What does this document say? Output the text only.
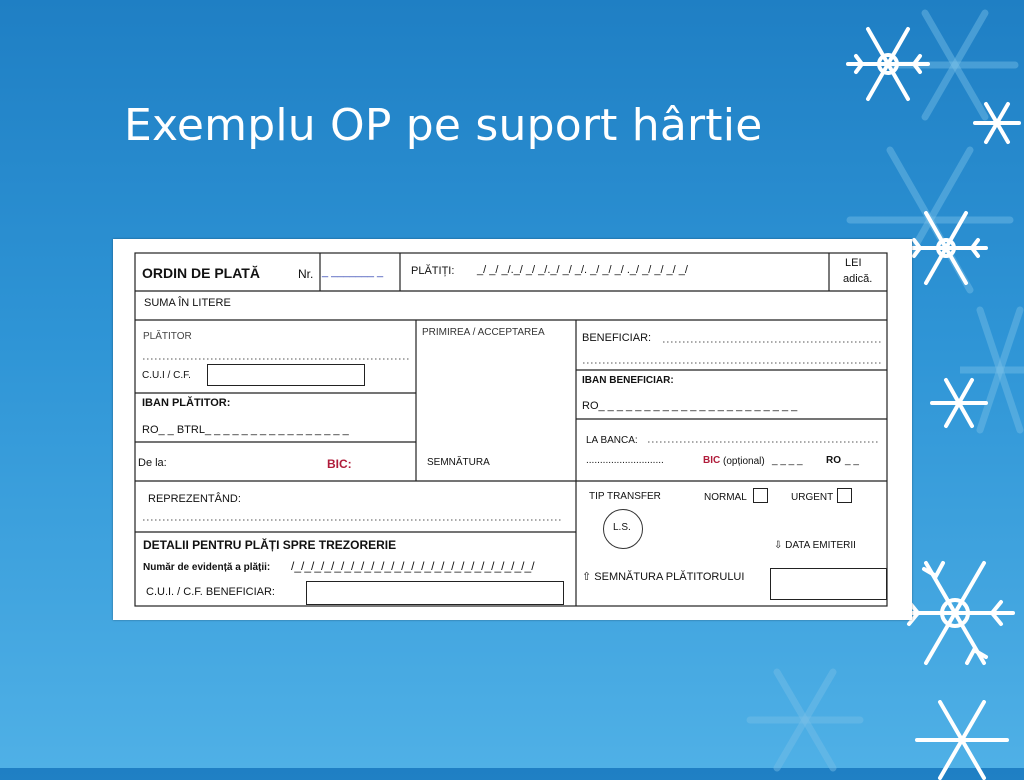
Exemplu OP pe suport hârtie
ORDIN DE PLATĂ	Nr. _ _______ _	PLĂTIȚI: _/ _/ _/._/ _/ _/._/ _/ _/. _/ _/ _/ ._/ _/ _/ _/ _/
LEI
adică.
SUMA ÎN LITERE
PLĂTITOR
C.U.I / C.F.
IBAN PLĂTITOR:
RO_ _ BTRL_ _ _ _ _ _ _ _ _ _ _ _ _ _ _ _
De la:	BIC:
PRIMIREA / ACCEPTAREA
SEMNĂTURA
BENEFICIAR:
IBAN BENEFICIAR:
RO_ _ _ _ _ _ _ _ _ _ _ _ _ _ _ _ _ _ _ _ _ _
LA BANCA:
............................	BIC (opțional) _ _ _ _ RO _ _
REPREZENTÂND:	TIP TRANSFER	NORMAL	URGENT
L.S.
⇩ DATA EMITERII
DETALII PENTRU PLĂȚI SPRE TREZORERIE
Număr de evidență a plății: /_/_/_/_/_/_/_/_/_/_/_/_/_/_/_/_/_/_/_/_/_/_/_/_/
C.U.I. / C.F. BENEFICIAR:
⇧ SEMNĂTURA PLĂTITORULUI
